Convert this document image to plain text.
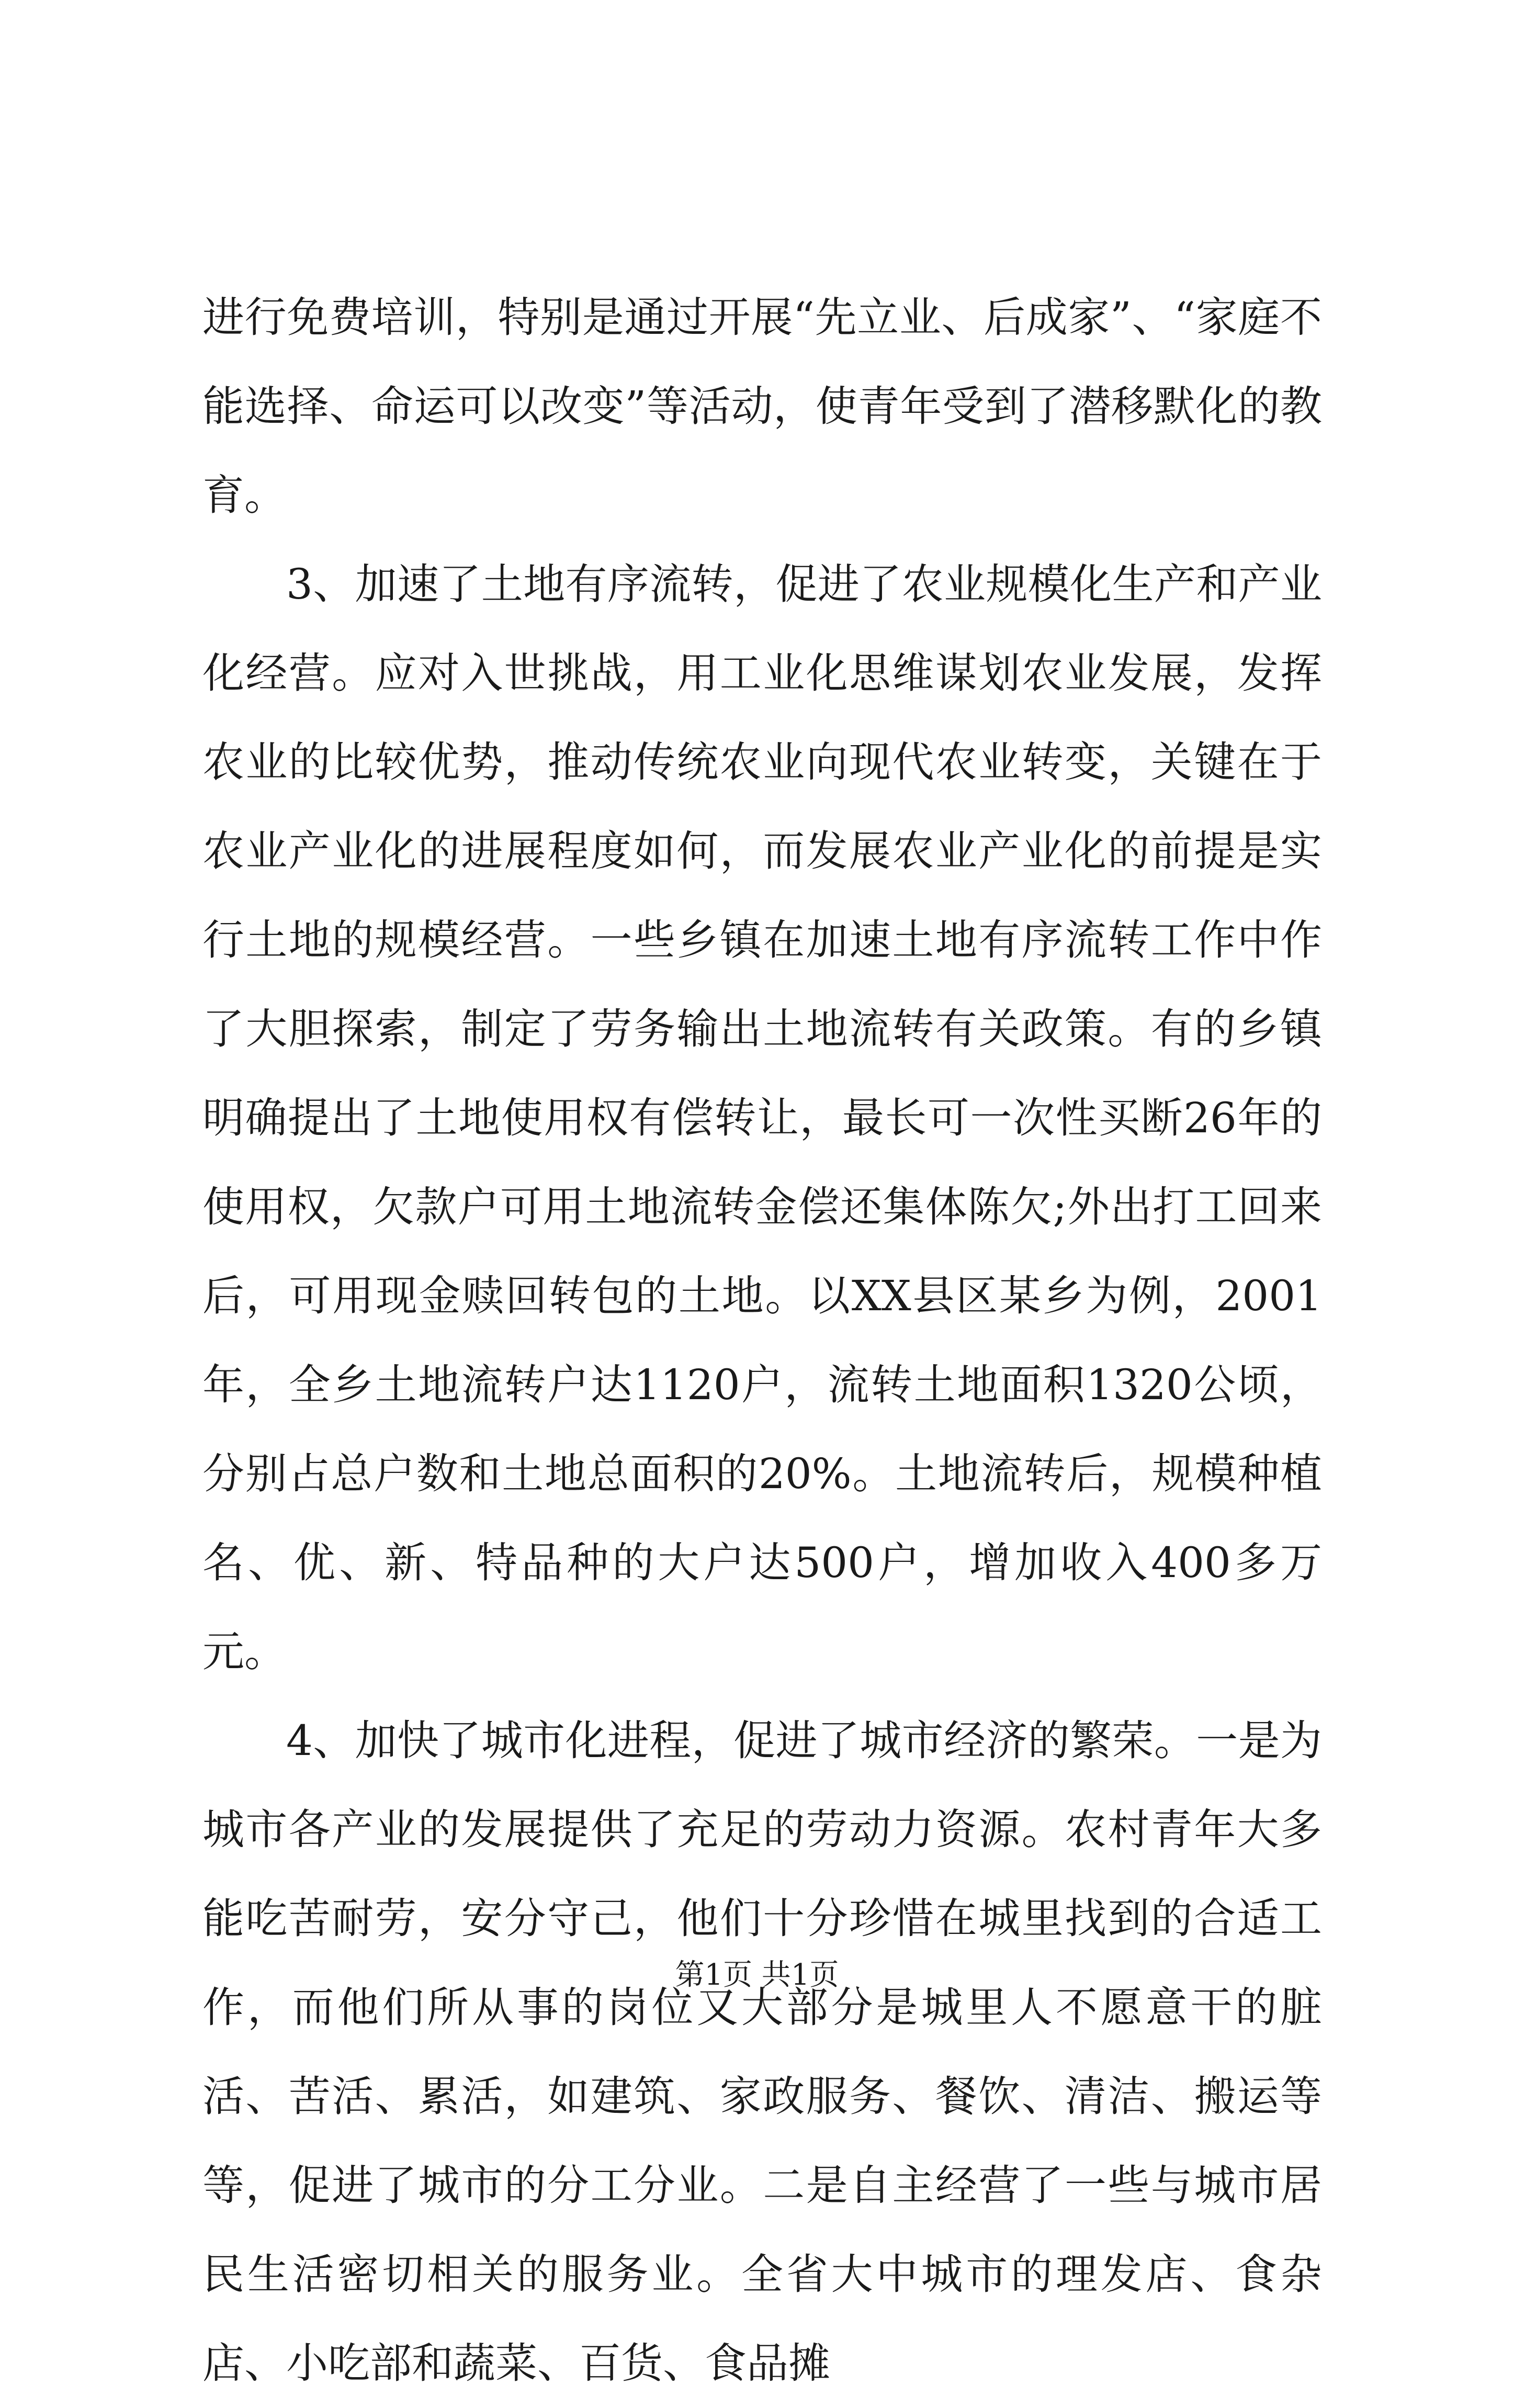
进行免费培训，特别是通过开展“先立业、后成家”、“家庭不能选择、命运可以改变”等活动，使青年受到了潜移默化的教育。

3、加速了土地有序流转，促进了农业规模化生产和产业化经营。应对入世挑战，用工业化思维谋划农业发展，发挥农业的比较优势，推动传统农业向现代农业转变，关键在于农业产业化的进展程度如何，而发展农业产业化的前提是实行土地的规模经营。一些乡镇在加速土地有序流转工作中作了大胆探索，制定了劳务输出土地流转有关政策。有的乡镇明确提出了土地使用权有偿转让，最长可一次性买断26年的使用权，欠款户可用土地流转金偿还集体陈欠;外出打工回来后，可用现金赎回转包的土地。以XX县区某乡为例，2001年，全乡土地流转户达1120户，流转土地面积1320公顷，分别占总户数和土地总面积的20%。土地流转后，规模种植名、优、新、特品种的大户达500户，增加收入400多万元。

4、加快了城市化进程，促进了城市经济的繁荣。一是为城市各产业的发展提供了充足的劳动力资源。农村青年大多能吃苦耐劳，安分守己，他们十分珍惜在城里找到的合适工作，而他们所从事的岗位又大部分是城里人不愿意干的脏活、苦活、累活，如建筑、家政服务、餐饮、清洁、搬运等等，促进了城市的分工分业。二是自主经营了一些与城市居民生活密切相关的服务业。全省大中城市的理发店、食杂店、小吃部和蔬菜、百货、食品摊

第1页 共1页
